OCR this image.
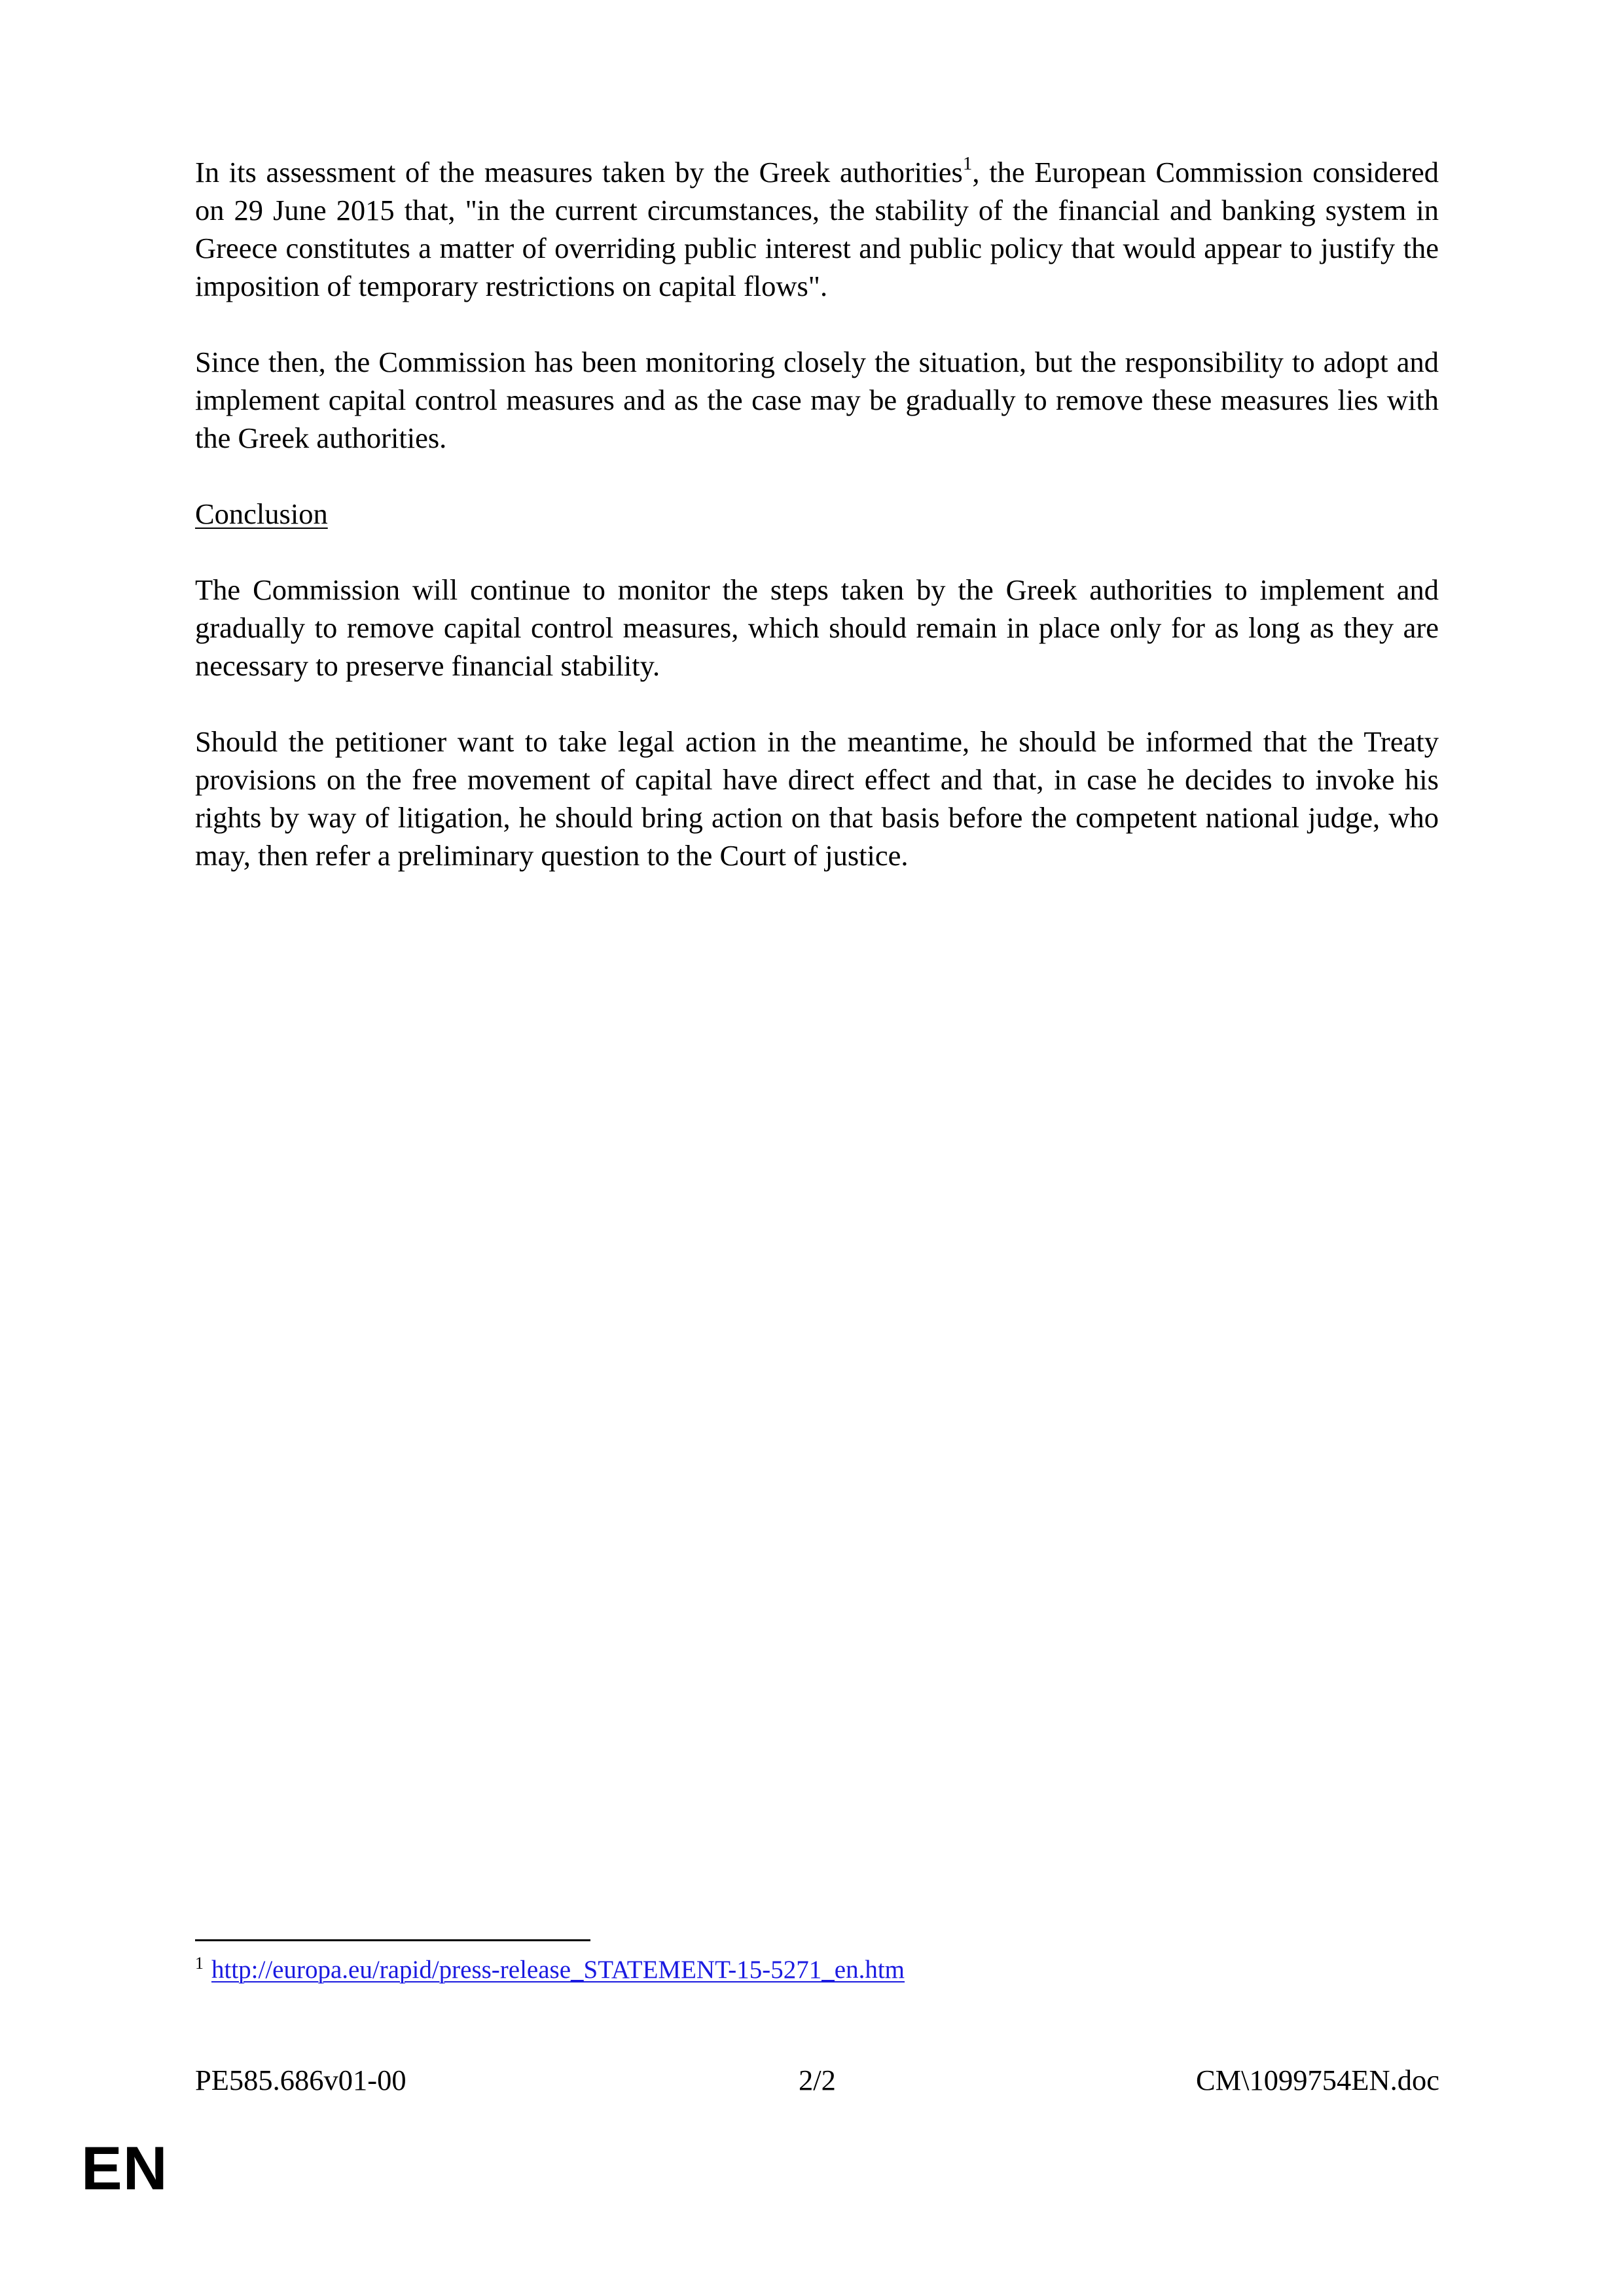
In its assessment of the measures taken by the Greek authorities$^1$, the European Commission considered on 29 June 2015 that, "in the current circumstances, the stability of the financial and banking system in Greece constitutes a matter of overriding public interest and public policy that would appear to justify the imposition of temporary restrictions on capital flows".

Since then, the Commission has been monitoring closely the situation, but the responsibility to adopt and implement capital control measures and as the case may be gradually to remove these measures lies with the Greek authorities.

Conclusion

The Commission will continue to monitor the steps taken by the Greek authorities to implement and gradually to remove capital control measures, which should remain in place only for as long as they are necessary to preserve financial stability.

Should the petitioner want to take legal action in the meantime, he should be informed that the Treaty provisions on the free movement of capital have direct effect and that, in case he decides to invoke his rights by way of litigation, he should bring action on that basis before the competent national judge, who may, then refer a preliminary question to the Court of justice.

$^1$ http://europa.eu/rapid/press-release_STATEMENT-15-5271_en.htm
PE585.686v01-00	2/2	CM\1099754EN.doc
EN
